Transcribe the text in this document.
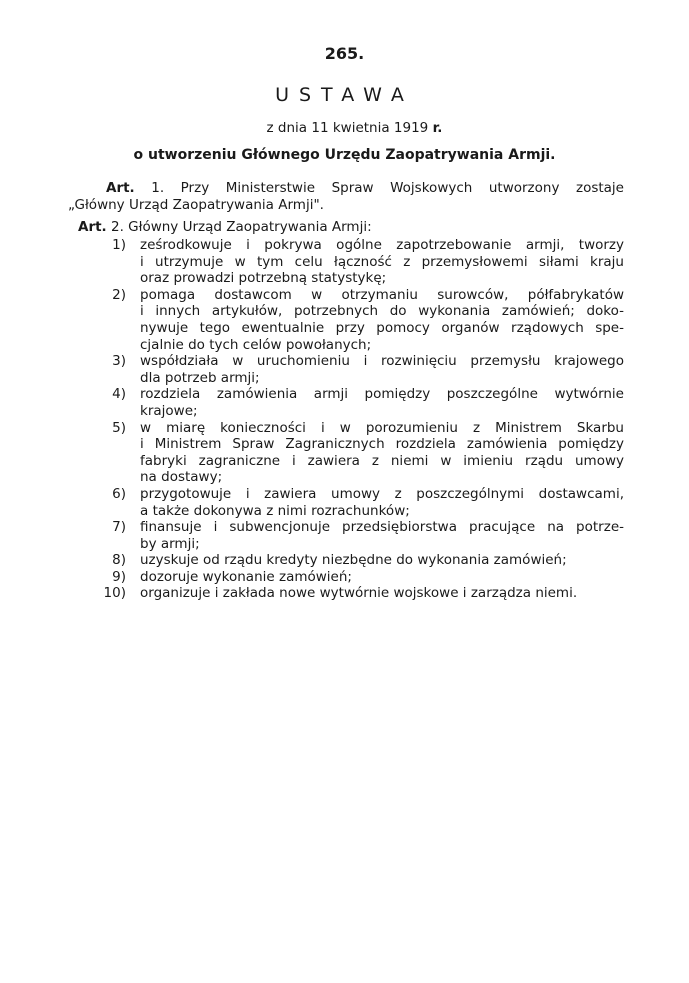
265.
USTAWA
z dnia 11 kwietnia 1919 r.
o utworzeniu Głównego Urzędu Zaopatrywania Armji.
Art. 1. Przy Ministerstwie Spraw Wojskowych utworzony zostaje
„Główny Urząd Zaopatrywania Armji".
Art. 2. Główny Urząd Zaopatrywania Armji:
1) ześrodkowuje i pokrywa ogólne zapotrzebowanie armji, tworzy
i utrzymuje w tym celu łączność z przemysłowemi siłami kraju
oraz prowadzi potrzebną statystykę;
2) pomaga dostawcom w otrzymaniu surowców, półfabrykatów
i innych artykułów, potrzebnych do wykonania zamówień; doko-
nywuje tego ewentualnie przy pomocy organów rządowych spe-
cjalnie do tych celów powołanych;
3) współdziała w uruchomieniu i rozwinięciu przemysłu krajowego
dla potrzeb armji;
4) rozdziela zamówienia armji pomiędzy poszczególne wytwórnie
krajowe;
5) w miarę konieczności i w porozumieniu z Ministrem Skarbu
i Ministrem Spraw Zagranicznych rozdziela zamówienia pomiędzy
fabryki zagraniczne i zawiera z niemi w imieniu rządu umowy
na dostawy;
6) przygotowuje i zawiera umowy z poszczególnymi dostawcami,
a także dokonywa z nimi rozrachunków;
7) finansuje i subwencjonuje przedsiębiorstwa pracujące na potrze-
by armji;
8) uzyskuje od rządu kredyty niezbędne do wykonania zamówień;
9) dozoruje wykonanie zamówień;
10) organizuje i zakłada nowe wytwórnie wojskowe i zarządza niemi.
